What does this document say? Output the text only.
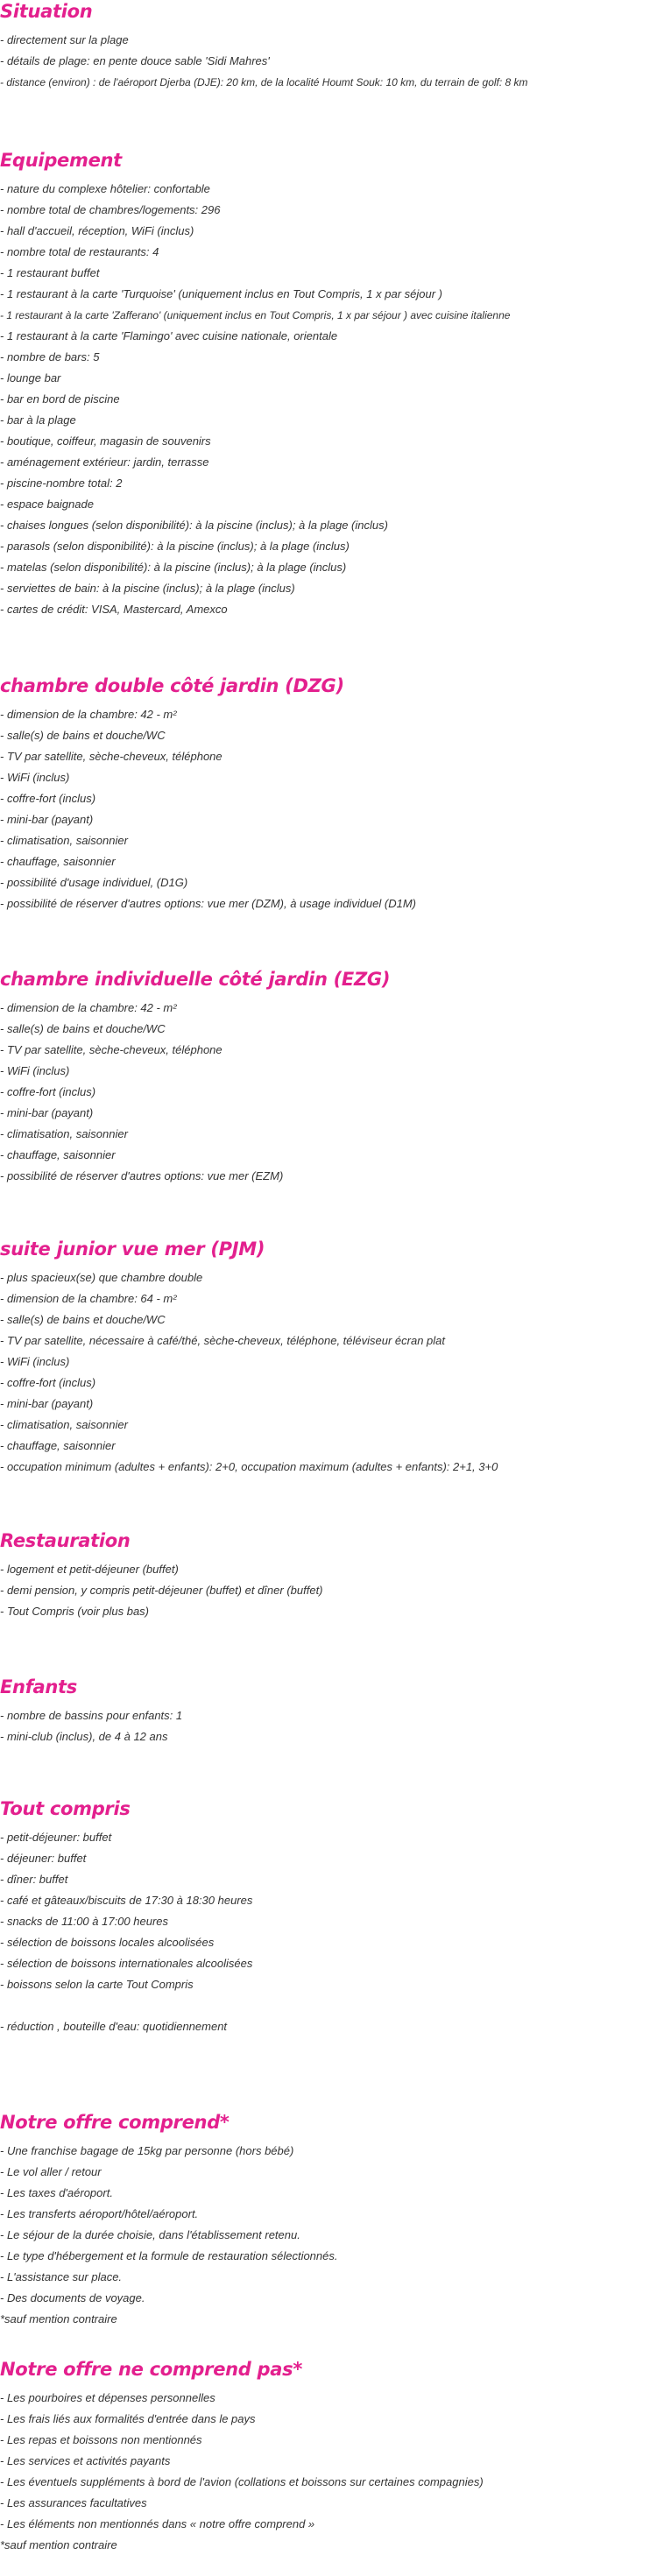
Situation
- directement sur la plage
- détails de plage: en pente douce sable 'Sidi Mahres'
- distance (environ) : de l'aéroport Djerba (DJE): 20 km, de la localité Houmt Souk: 10 km, du terrain de golf: 8 km
Equipement
- nature du complexe hôtelier: confortable
- nombre total de chambres/logements: 296
- hall d'accueil, réception, WiFi (inclus)
- nombre total de restaurants: 4
- 1 restaurant buffet
- 1 restaurant à la carte 'Turquoise' (uniquement inclus en Tout Compris, 1 x par séjour )
- 1 restaurant à la carte 'Zafferano' (uniquement inclus en Tout Compris, 1 x par séjour ) avec cuisine italienne
- 1 restaurant à la carte 'Flamingo' avec cuisine nationale, orientale
- nombre de bars: 5
- lounge bar
- bar en bord de piscine
- bar à la plage
- boutique, coiffeur, magasin de souvenirs
- aménagement extérieur: jardin, terrasse
- piscine-nombre total: 2
- espace baignade
- chaises longues (selon disponibilité): à la piscine (inclus); à la plage (inclus)
- parasols (selon disponibilité): à la piscine (inclus); à la plage (inclus)
- matelas (selon disponibilité): à la piscine (inclus); à la plage (inclus)
- serviettes de bain: à la piscine (inclus); à la plage (inclus)
- cartes de crédit: VISA, Mastercard, Amexco
chambre double côté jardin (DZG)
- dimension de la chambre: 42 - m²
- salle(s) de bains et douche/WC
- TV par satellite, sèche-cheveux, téléphone
- WiFi (inclus)
- coffre-fort (inclus)
- mini-bar (payant)
- climatisation, saisonnier
- chauffage, saisonnier
- possibilité d'usage individuel, (D1G)
- possibilité de réserver d'autres options: vue mer (DZM), à usage individuel (D1M)
chambre individuelle côté jardin (EZG)
- dimension de la chambre: 42 - m²
- salle(s) de bains et douche/WC
- TV par satellite, sèche-cheveux, téléphone
- WiFi (inclus)
- coffre-fort (inclus)
- mini-bar (payant)
- climatisation, saisonnier
- chauffage, saisonnier
- possibilité de réserver d'autres options: vue mer (EZM)
suite junior vue mer (PJM)
- plus spacieux(se) que chambre double
- dimension de la chambre: 64 - m²
- salle(s) de bains et douche/WC
- TV par satellite, nécessaire à café/thé, sèche-cheveux, téléphone, téléviseur écran plat
- WiFi (inclus)
- coffre-fort (inclus)
- mini-bar (payant)
- climatisation, saisonnier
- chauffage, saisonnier
- occupation minimum (adultes + enfants): 2+0, occupation maximum (adultes + enfants): 2+1, 3+0
Restauration
- logement et petit-déjeuner (buffet)
- demi pension, y compris petit-déjeuner (buffet) et dîner (buffet)
- Tout Compris (voir plus bas)
Enfants
- nombre de bassins pour enfants: 1
- mini-club (inclus), de 4 à 12 ans
Tout compris
- petit-déjeuner: buffet
- déjeuner: buffet
- dîner: buffet
- café et gâteaux/biscuits de 17:30 à 18:30 heures
- snacks de 11:00 à 17:00 heures
- sélection de boissons locales alcoolisées
- sélection de boissons internationales alcoolisées
- boissons selon la carte Tout Compris
- réduction , bouteille d'eau: quotidiennement
Notre offre comprend*
- Une franchise bagage de 15kg par personne (hors bébé)
- Le vol aller / retour
- Les taxes d'aéroport.
- Les transferts aéroport/hôtel/aéroport.
- Le séjour de la durée choisie, dans l'établissement retenu.
- Le type d'hébergement et la formule de restauration sélectionnés.
- L'assistance sur place.
- Des documents de voyage.
*sauf mention contraire
Notre offre ne comprend pas*
- Les pourboires et dépenses personnelles
- Les frais liés aux formalités d'entrée dans le pays
- Les repas et boissons non mentionnés
- Les services et activités payants
- Les éventuels suppléments à bord de l'avion (collations et boissons sur certaines compagnies)
- Les assurances facultatives
- Les éléments non mentionnés dans « notre offre comprend »
*sauf mention contraire
